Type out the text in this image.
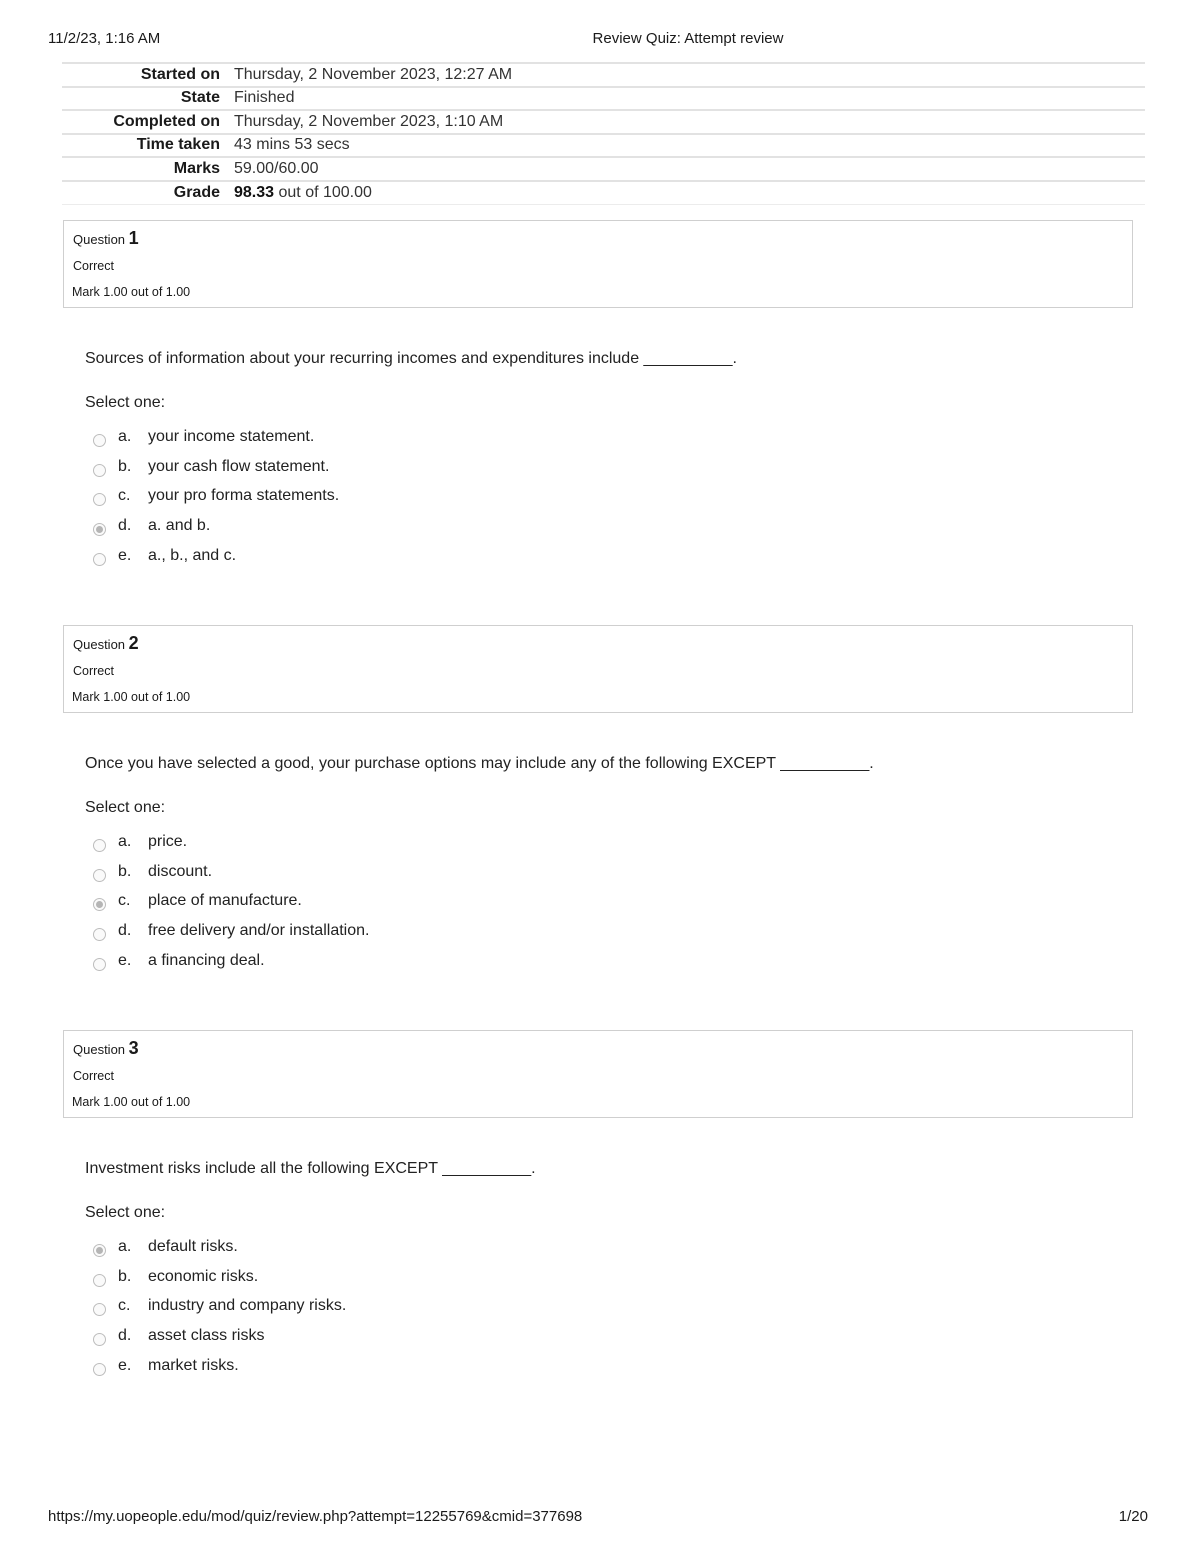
11/2/23, 1:16 AM	Review Quiz: Attempt review
Started on	Thursday, 2 November 2023, 12:27 AM
State	Finished
Completed on	Thursday, 2 November 2023, 1:10 AM
Time taken	43 mins 53 secs
Marks	59.00/60.00
Grade	98.33 out of 100.00
Question 1
Correct
Mark 1.00 out of 1.00
Sources of information about your recurring incomes and expenditures include __________.
Select one:
a. your income statement.
b. your cash flow statement.
c. your pro forma statements.
d. a. and b.
e. a., b., and c.
Question 2
Correct
Mark 1.00 out of 1.00
Once you have selected a good, your purchase options may include any of the following EXCEPT __________.
Select one:
a. price.
b. discount.
c. place of manufacture.
d. free delivery and/or installation.
e. a financing deal.
Question 3
Correct
Mark 1.00 out of 1.00
Investment risks include all the following EXCEPT __________.
Select one:
a. default risks.
b. economic risks.
c. industry and company risks.
d. asset class risks
e. market risks.
https://my.uopeople.edu/mod/quiz/review.php?attempt=12255769&cmid=377698	1/20
